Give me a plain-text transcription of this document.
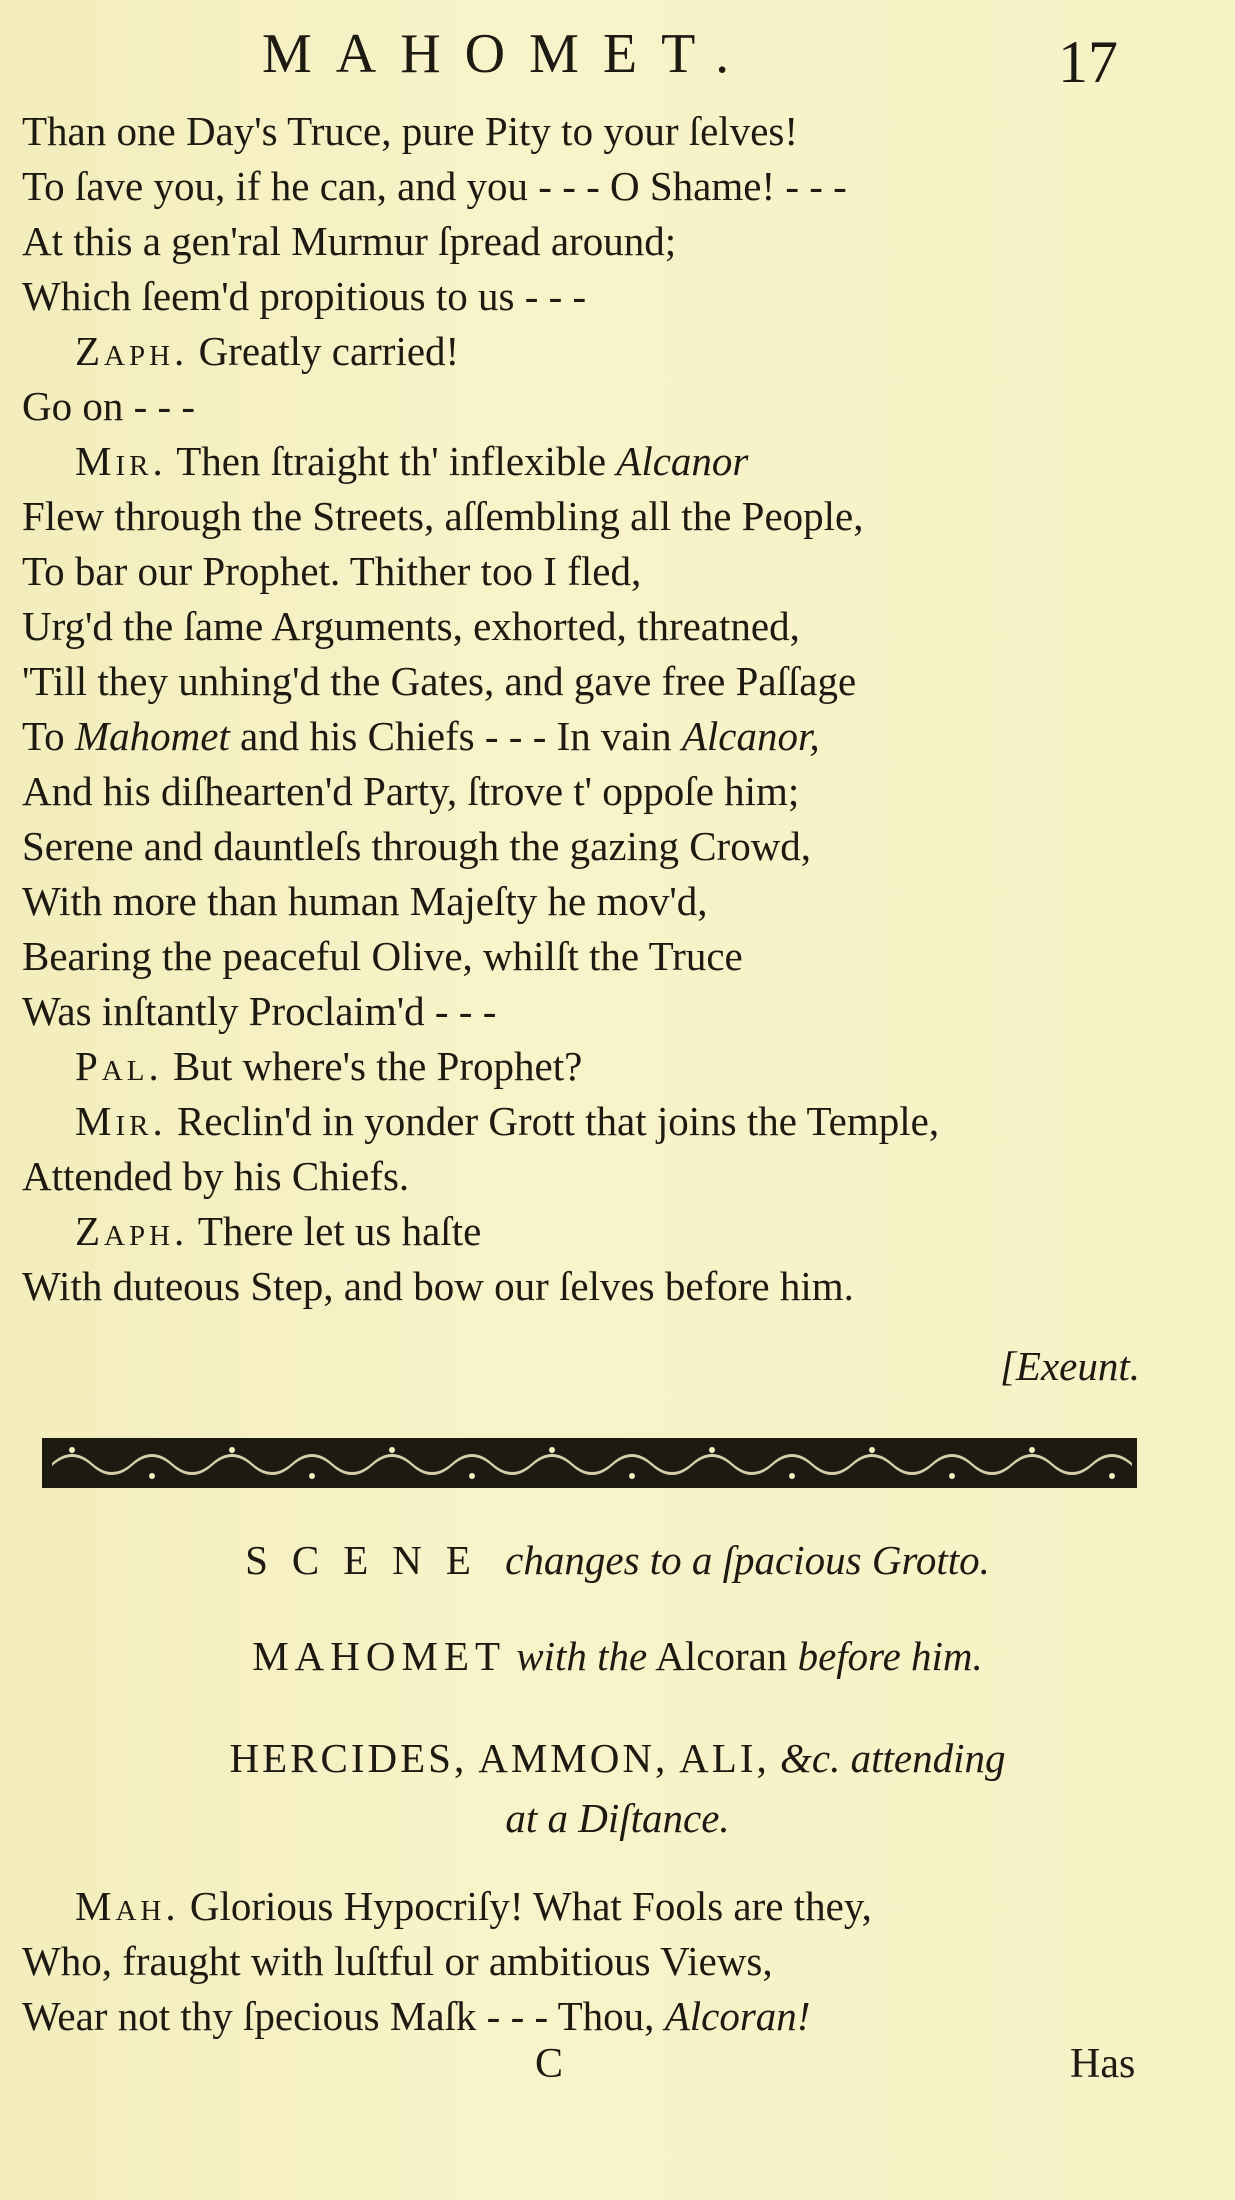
MAHOMET.	17
Than one Day's Truce, pure Pity to your ſelves!
To ſave you, if he can, and you - - - O Shame! - - -
At this a gen'ral Murmur ſpread around;
Which ſeem'd propitious to us - - -
Zaph. Greatly carried!
Go on - - -
Mir. Then ſtraight th' inflexible Alcanor
Flew through the Streets, aſſembling all the People,
To bar our Prophet. Thither too I fled,
Urg'd the ſame Arguments, exhorted, threatned,
'Till they unhing'd the Gates, and gave free Paſſage
To Mahomet and his Chiefs - - - In vain Alcanor,
And his diſhearten'd Party, ſtrove t' oppoſe him;
Serene and dauntleſs through the gazing Crowd,
With more than human Majeſty he mov'd,
Bearing the peaceful Olive, whilſt the Truce
Was inſtantly Proclaim'd - - -
Pal. But where's the Prophet?
Mir. Reclin'd in yonder Grott that joins the Temple,
Attended by his Chiefs.
Zaph. There let us haſte
With duteous Step, and bow our ſelves before him.
[Exeunt.
SCENE changes to a ſpacious Grotto.
MAHOMET with the Alcoran before him.
HERCIDES, AMMON, ALI, &c. attending
at a Diſtance.
Mah. Glorious Hypocriſy! What Fools are they,
Who, fraught with luſtful or ambitious Views,
Wear not thy ſpecious Maſk - - - Thou, Alcoran!
C	Has
